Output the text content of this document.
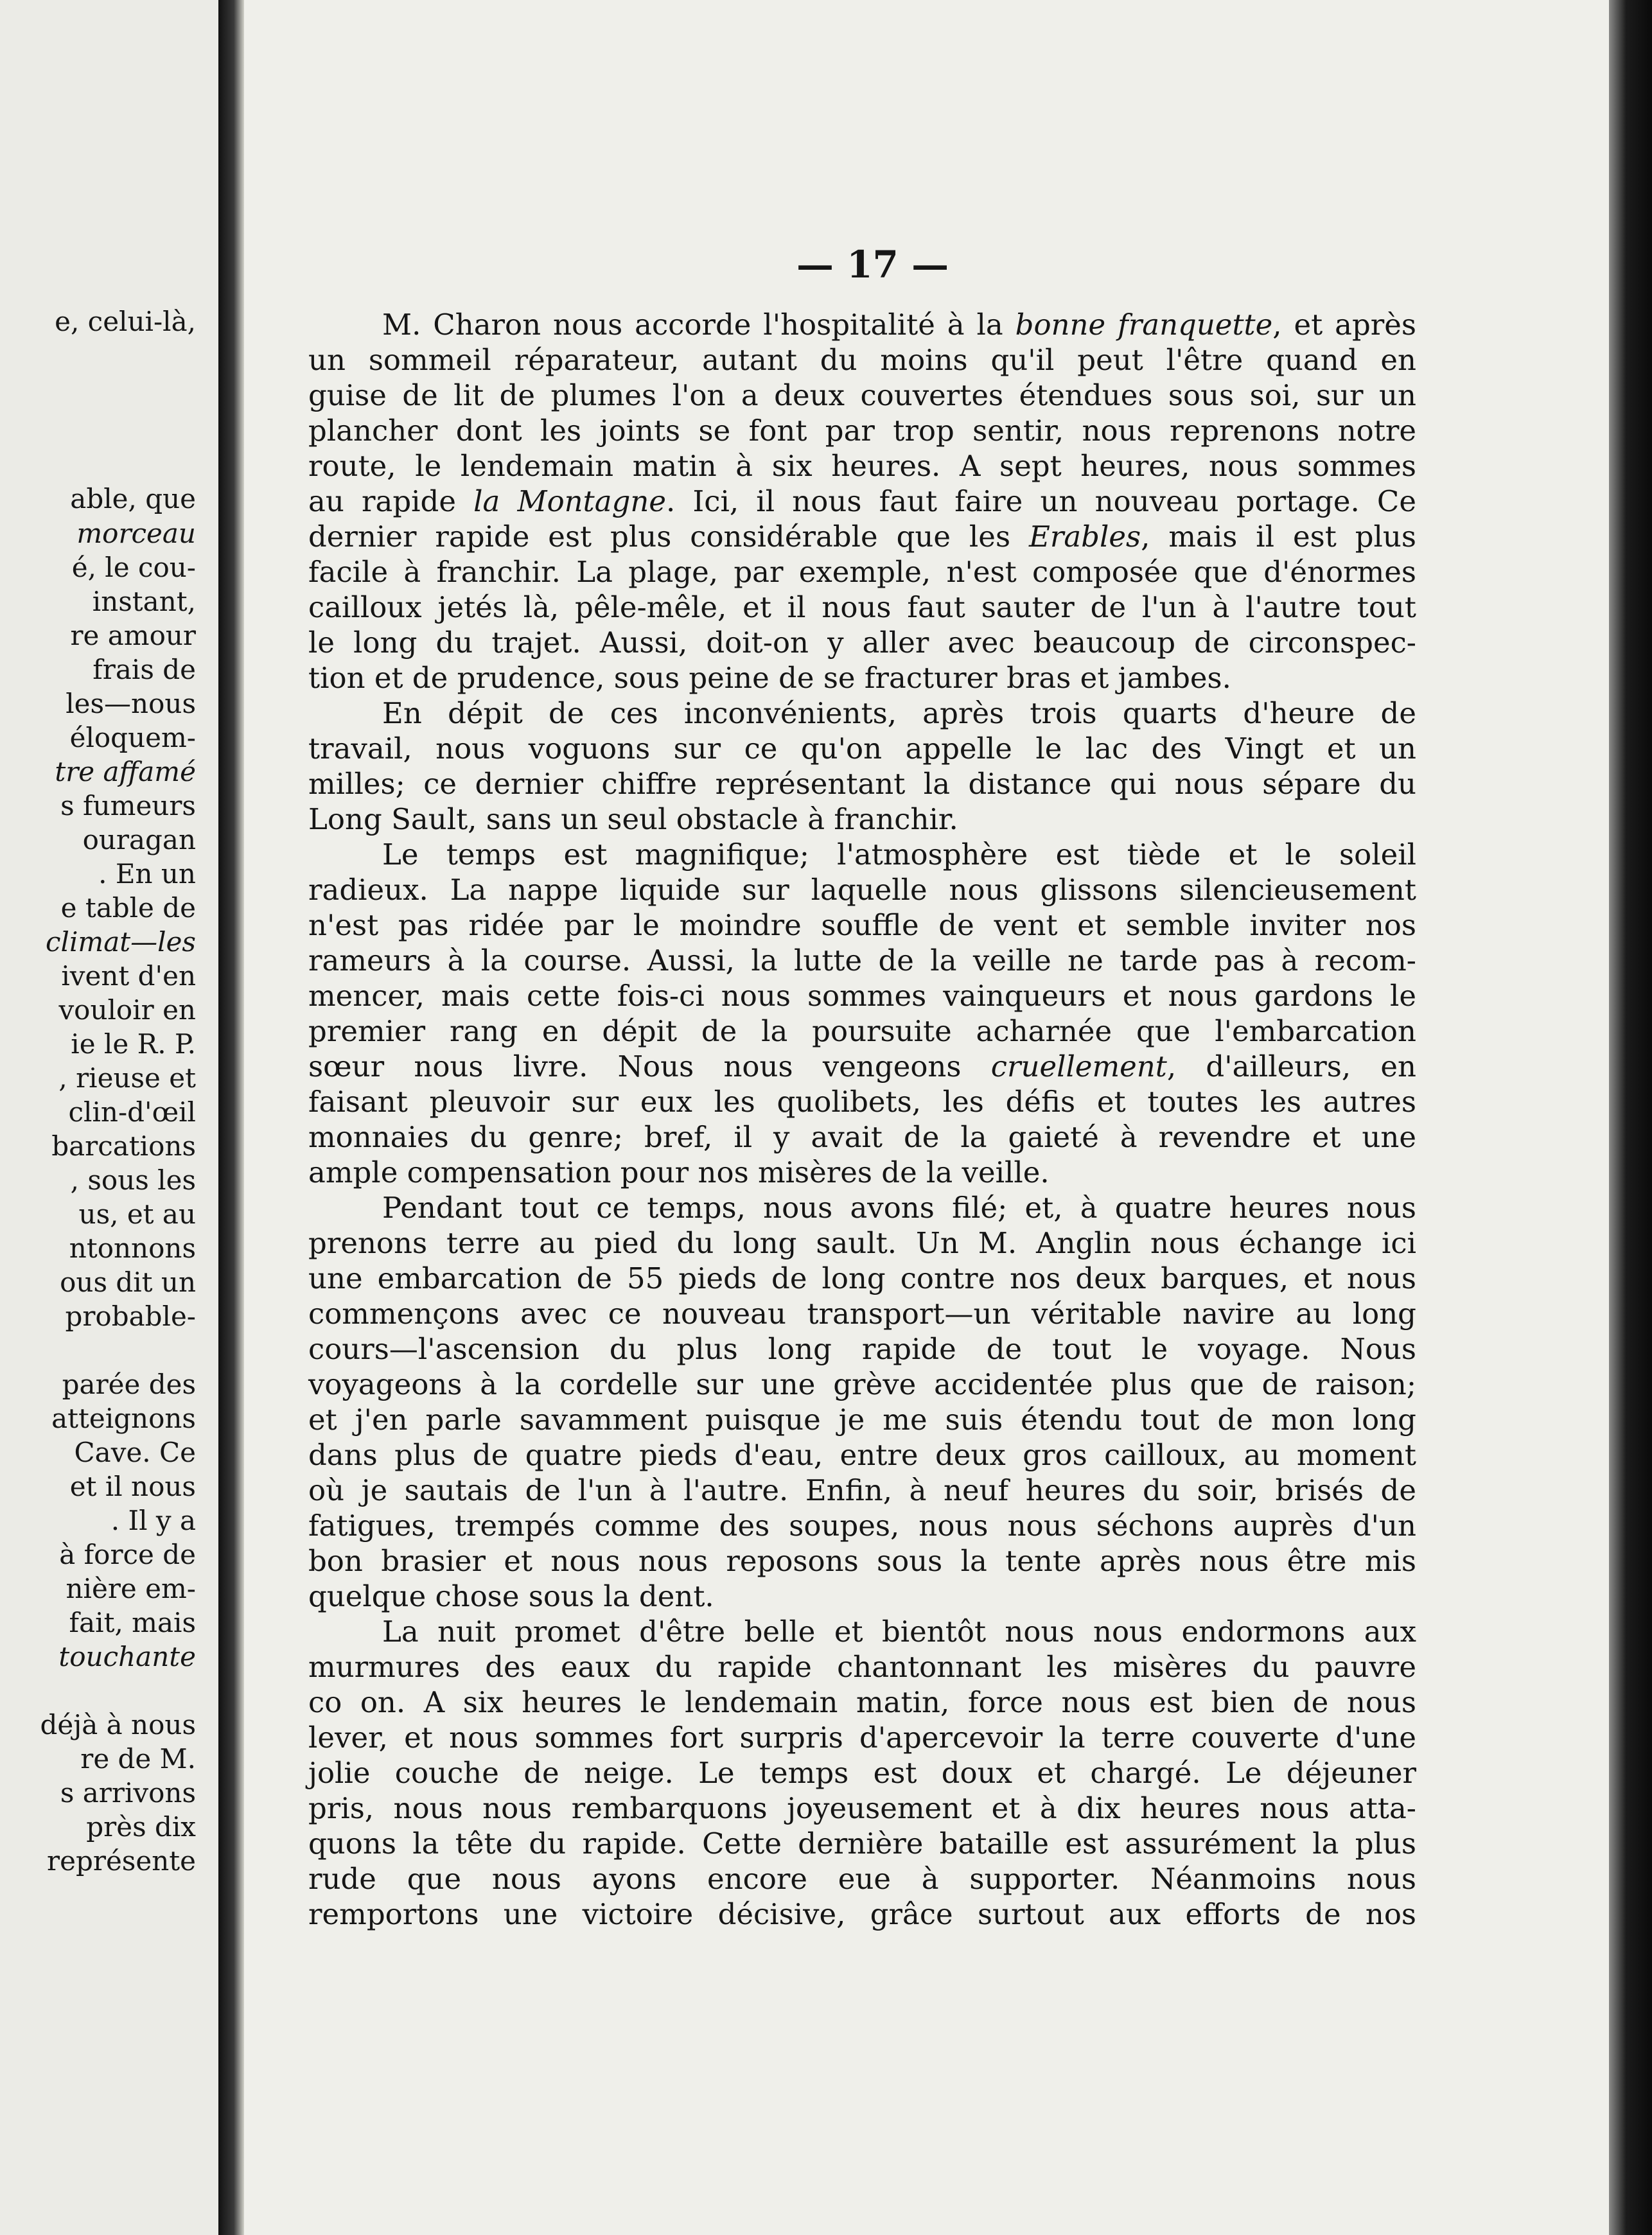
e, celui-là,
able, que
morceau
é, le cou-
instant,
re amour
frais de
les—nous
éloquem-
tre affamé
s fumeurs
ouragan
. En un
e table de
climat—les
ivent d'en
vouloir en
ie le R. P.
, rieuse et
clin-d'œil
barcations
, sous les
us, et au
ntonnons
ous dit un
probable-
parée des
atteignons
Cave. Ce
et il nous
. Il y a
à force de
nière em-
fait, mais
touchante
déjà à nous
re de M.
s arrivons
près dix
représente
— 17 —
M. Charon nous accorde l'hospitalité à la bonne franquette, et après
un sommeil réparateur, autant du moins qu'il peut l'être quand en
guise de lit de plumes l'on a deux couvertes étendues sous soi, sur un
plancher dont les joints se font par trop sentir, nous reprenons notre
route, le lendemain matin à six heures. A sept heures, nous sommes
au rapide la Montagne. Ici, il nous faut faire un nouveau portage. Ce
dernier rapide est plus considérable que les Erables, mais il est plus
facile à franchir. La plage, par exemple, n'est composée que d'énormes
cailloux jetés là, pêle-mêle, et il nous faut sauter de l'un à l'autre tout
le long du trajet. Aussi, doit-on y aller avec beaucoup de circonspec-
tion et de prudence, sous peine de se fracturer bras et jambes.
En dépit de ces inconvénients, après trois quarts d'heure de
travail, nous voguons sur ce qu'on appelle le lac des Vingt et un
milles; ce dernier chiffre représentant la distance qui nous sépare du
Long Sault, sans un seul obstacle à franchir.
Le temps est magnifique; l'atmosphère est tiède et le soleil
radieux. La nappe liquide sur laquelle nous glissons silencieusement
n'est pas ridée par le moindre souffle de vent et semble inviter nos
rameurs à la course. Aussi, la lutte de la veille ne tarde pas à recom-
mencer, mais cette fois-ci nous sommes vainqueurs et nous gardons le
premier rang en dépit de la poursuite acharnée que l'embarcation
sœur nous livre. Nous nous vengeons cruellement, d'ailleurs, en
faisant pleuvoir sur eux les quolibets, les défis et toutes les autres
monnaies du genre; bref, il y avait de la gaieté à revendre et une
ample compensation pour nos misères de la veille.
Pendant tout ce temps, nous avons filé; et, à quatre heures nous
prenons terre au pied du long sault. Un M. Anglin nous échange ici
une embarcation de 55 pieds de long contre nos deux barques, et nous
commençons avec ce nouveau transport—un véritable navire au long
cours—l'ascension du plus long rapide de tout le voyage. Nous
voyageons à la cordelle sur une grève accidentée plus que de raison;
et j'en parle savamment puisque je me suis étendu tout de mon long
dans plus de quatre pieds d'eau, entre deux gros cailloux, au moment
où je sautais de l'un à l'autre. Enfin, à neuf heures du soir, brisés de
fatigues, trempés comme des soupes, nous nous séchons auprès d'un
bon brasier et nous nous reposons sous la tente après nous être mis
quelque chose sous la dent.
La nuit promet d'être belle et bientôt nous nous endormons aux
murmures des eaux du rapide chantonnant les misères du pauvre
co on. A six heures le lendemain matin, force nous est bien de nous
lever, et nous sommes fort surpris d'apercevoir la terre couverte d'une
jolie couche de neige. Le temps est doux et chargé. Le déjeuner
pris, nous nous rembarquons joyeusement et à dix heures nous atta-
quons la tête du rapide. Cette dernière bataille est assurément la plus
rude que nous ayons encore eue à supporter. Néanmoins nous
remportons une victoire décisive, grâce surtout aux efforts de nos
